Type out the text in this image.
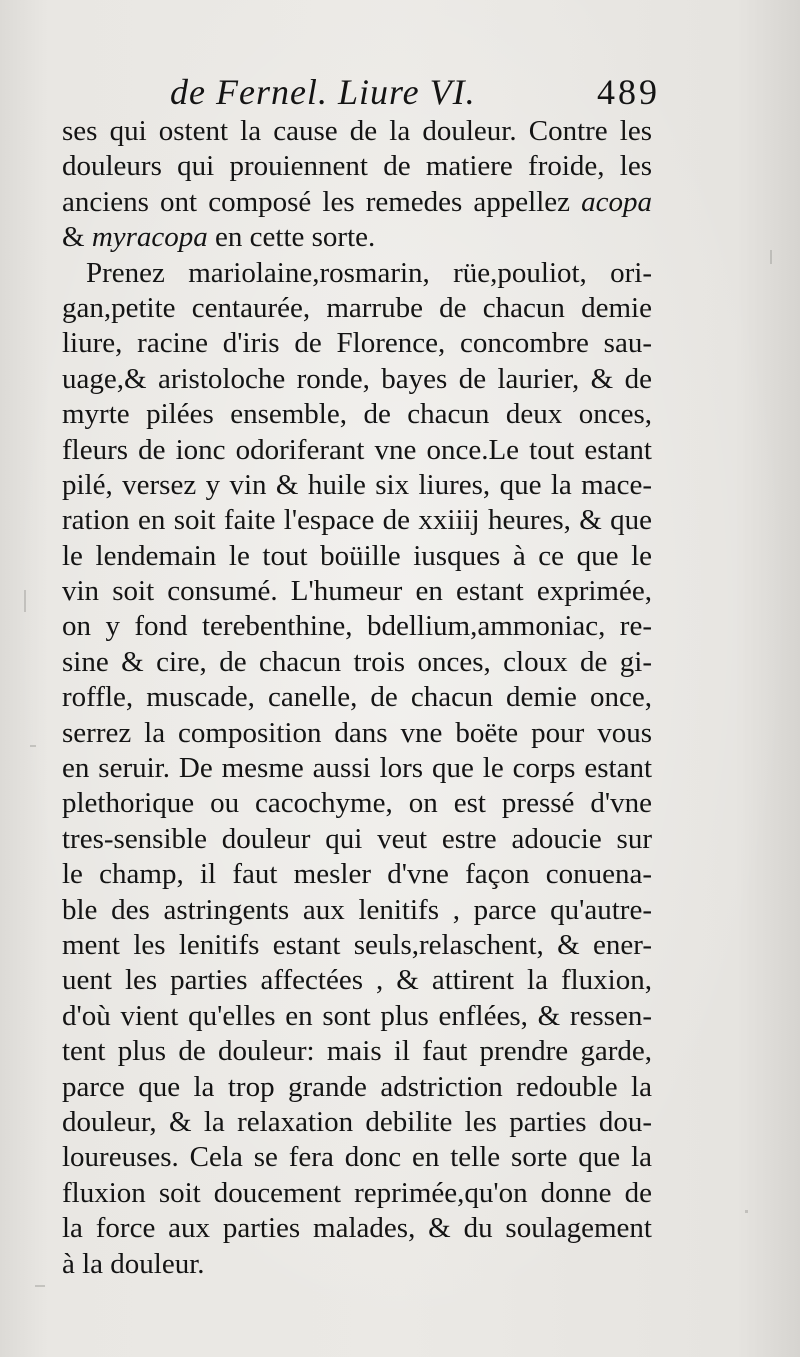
de Fernel. Liure VI.	489
ses qui ostent la cause de la douleur. Contre les
douleurs qui prouiennent de matiere froide, les
anciens ont composé les remedes appellez acopa
& myracopa en cette sorte.
Prenez mariolaine,rosmarin, rüe,pouliot, ori-
gan,petite centaurée, marrube de chacun demie
liure, racine d'iris de Florence, concombre sau-
uage,& aristoloche ronde, bayes de laurier, & de
myrte pilées ensemble, de chacun deux onces,
fleurs de ionc odoriferant vne once.Le tout estant
pilé, versez y vin & huile six liures, que la mace-
ration en soit faite l'espace de xxiiij heures, & que
le lendemain le tout boüille iusques à ce que le
vin soit consumé. L'humeur en estant exprimée,
on y fond terebenthine, bdellium,ammoniac, re-
sine & cire, de chacun trois onces, cloux de gi-
roffle, muscade, canelle, de chacun demie once,
serrez la composition dans vne boëte pour vous
en seruir. De mesme aussi lors que le corps estant
plethorique ou cacochyme, on est pressé d'vne
tres-sensible douleur qui veut estre adoucie sur
le champ, il faut mesler d'vne façon conuena-
ble des astringents aux lenitifs , parce qu'autre-
ment les lenitifs estant seuls,relaschent, & ener-
uent les parties affectées , & attirent la fluxion,
d'où vient qu'elles en sont plus enflées, & ressen-
tent plus de douleur: mais il faut prendre garde,
parce que la trop grande adstriction redouble la
douleur, & la relaxation debilite les parties dou-
loureuses. Cela se fera donc en telle sorte que la
fluxion soit doucement reprimée,qu'on donne de
la force aux parties malades, & du soulagement
à la douleur.
